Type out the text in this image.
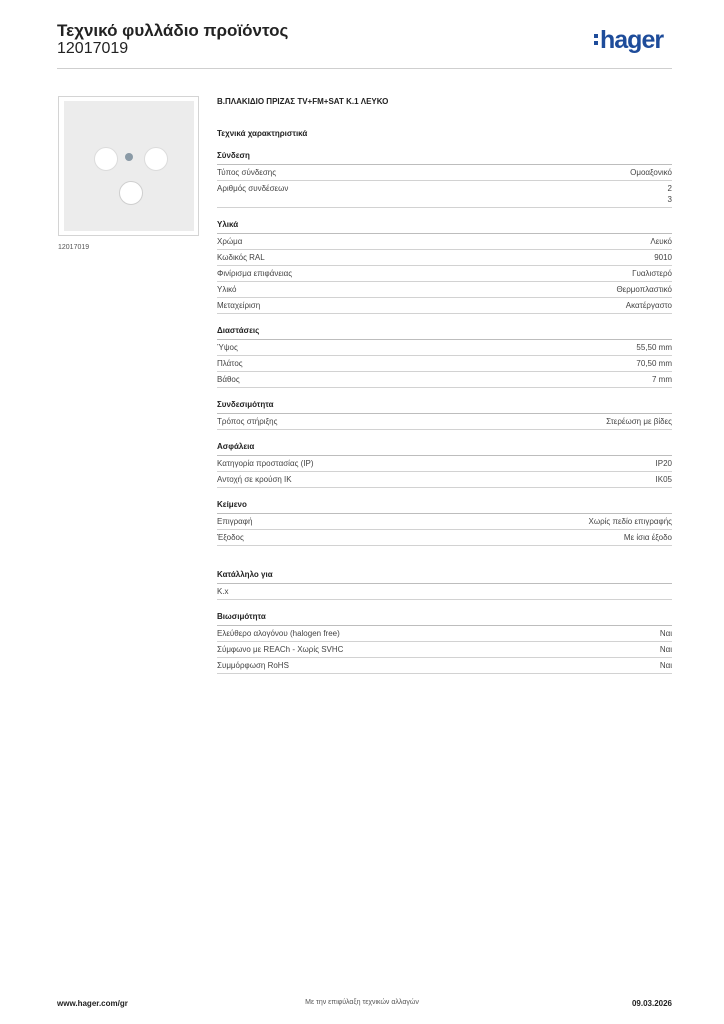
Τεχνικό φυλλάδιο προϊόντος
12017019	hager
12017019
Β.ΠΛΑΚΙΔΙΟ ΠΡΙΖΑΣ TV+FM+SAT K.1 ΛΕΥΚΟ
Τεχνικά χαρακτηριστικά
Σύνδεση
Τύπος σύνδεσης	Ομοαξονικό
Αριθμός συνδέσεων	2
3
Υλικά
Χρώμα	Λευκό
Κωδικός RAL	9010
Φινίρισμα επιφάνειας	Γυαλιστερό
Υλικό	Θερμοπλαστικό
Μεταχείριση	Ακατέργαστο
Διαστάσεις
Ύψος	55,50 mm
Πλάτος	70,50 mm
Βάθος	7 mm
Συνδεσιμότητα
Τρόπος στήριξης	Στερέωση με βίδες
Ασφάλεια
Κατηγορία προστασίας (IP)	IP20
Αντοχή σε κρούση IK	IK05
Κείμενο
Επιγραφή	Χωρίς πεδίο επιγραφής
Έξοδος	Με ίσια έξοδο
Κατάλληλο για
K.x
Βιωσιμότητα
Ελεύθερο αλογόνου (halogen free)	Ναι
Σύμφωνο με REACh - Χωρίς SVHC	Ναι
Συμμόρφωση RoHS	Ναι
Με την επιφύλαξη τεχνικών αλλαγών
www.hager.com/gr	09.03.2026
